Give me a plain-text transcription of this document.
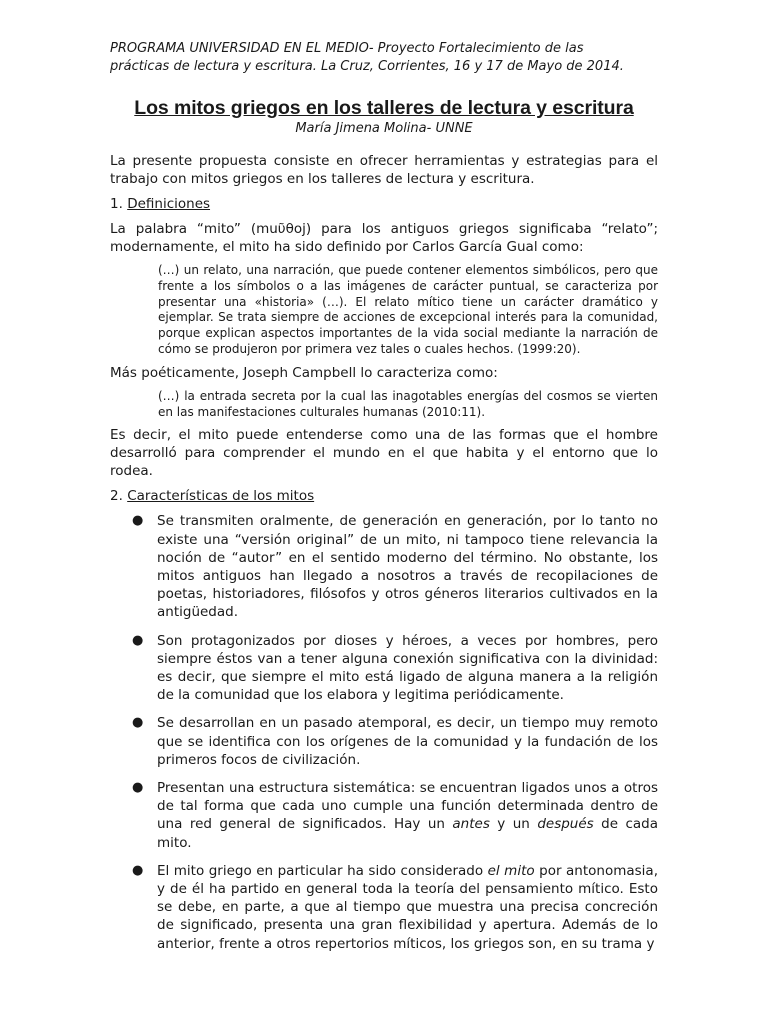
PROGRAMA UNIVERSIDAD EN EL MEDIO- Proyecto Fortalecimiento de las
prácticas de lectura y escritura. La Cruz, Corrientes, 16 y 17 de Mayo de 2014.
Los mitos griegos en los talleres de lectura y escritura
María Jimena Molina- UNNE

La presente propuesta consiste en ofrecer herramientas y estrategias para el trabajo con mitos griegos en los talleres de lectura y escritura.

1. Definiciones

La palabra “mito” (muῦθoj) para los antiguos griegos significaba “relato”; modernamente, el mito ha sido definido por Carlos García Gual como:

(…) un relato, una narración, que puede contener elementos simbólicos, pero que frente a los símbolos o a las imágenes de carácter puntual, se caracteriza por presentar una «historia» (…). El relato mítico tiene un carácter dramático y ejemplar. Se trata siempre de acciones de excepcional interés para la comunidad, porque explican aspectos importantes de la vida social mediante la narración de cómo se produjeron por primera vez tales o cuales hechos. (1999:20).

Más poéticamente, Joseph Campbell lo caracteriza como:

(…) la entrada secreta por la cual las inagotables energías del cosmos se vierten en las manifestaciones culturales humanas (2010:11).

Es decir, el mito puede entenderse como una de las formas que el hombre desarrolló para comprender el mundo en el que habita y el entorno que lo rodea.

2. Características de los mitos
● Se transmiten oralmente, de generación en generación, por lo tanto no existe una “versión original” de un mito, ni tampoco tiene relevancia la noción de “autor” en el sentido moderno del término. No obstante, los mitos antiguos han llegado a nosotros a través de recopilaciones de poetas, historiadores, filósofos y otros géneros literarios cultivados en la antigüedad.
● Son protagonizados por dioses y héroes, a veces por hombres, pero siempre éstos van a tener alguna conexión significativa con la divinidad: es decir, que siempre el mito está ligado de alguna manera a la religión de la comunidad que los elabora y legitima periódicamente.
● Se desarrollan en un pasado atemporal, es decir, un tiempo muy remoto que se identifica con los orígenes de la comunidad y la fundación de los primeros focos de civilización.
● Presentan una estructura sistemática: se encuentran ligados unos a otros de tal forma que cada uno cumple una función determinada dentro de una red general de significados. Hay un antes y un después de cada mito.
● El mito griego en particular ha sido considerado el mito por antonomasia, y de él ha partido en general toda la teoría del pensamiento mítico. Esto se debe, en parte, a que al tiempo que muestra una precisa concreción de significado, presenta una gran flexibilidad y apertura. Además de lo anterior, frente a otros repertorios míticos, los griegos son, en su trama y
